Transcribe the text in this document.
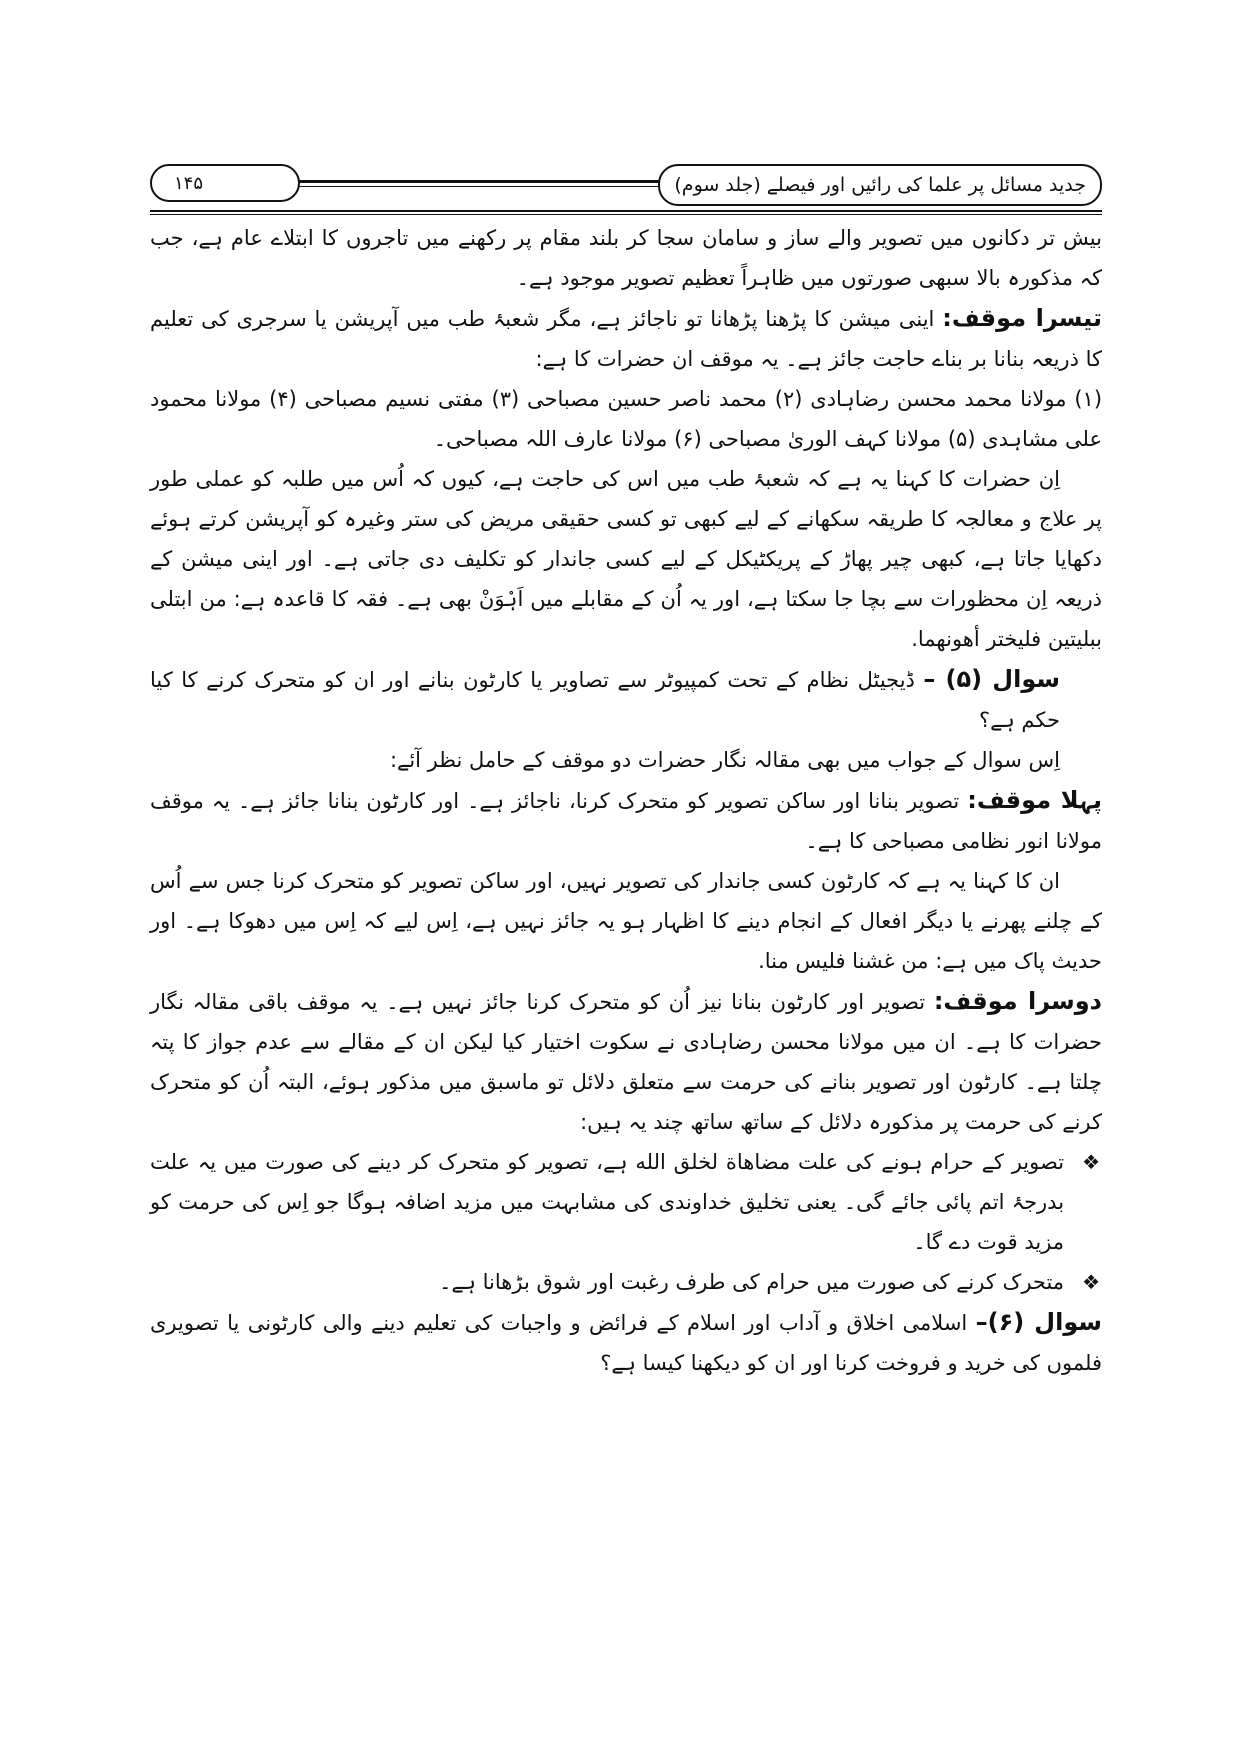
جدید مسائل پر علما کی رائیں اور فیصلے (جلد سوم)
۱۴۵

بیش تر دکانوں میں تصویر والے ساز و سامان سجا کر بلند مقام پر رکھنے میں تاجروں کا ابتلاے عام ہے، جب کہ مذکورہ بالا سبھی صورتوں میں ظاہراً تعظیم تصویر موجود ہے۔

تیسرا موقف: اینی میشن کا پڑھنا پڑھانا تو ناجائز ہے، مگر شعبۂ طب میں آپریشن یا سرجری کی تعلیم کا ذریعہ بنانا بر بناے حاجت جائز ہے۔ یہ موقف ان حضرات کا ہے:

(۱) مولانا محمد محسن رضاہادی (۲) محمد ناصر حسین مصباحی (۳) مفتی نسیم مصباحی (۴) مولانا محمود علی مشاہدی (۵) مولانا کہف الوریٰ مصباحی (۶) مولانا عارف اللہ مصباحی۔

اِن حضرات کا کہنا یہ ہے کہ شعبۂ طب میں اس کی حاجت ہے، کیوں کہ اُس میں طلبہ کو عملی طور پر علاج و معالجہ کا طریقہ سکھانے کے لیے کبھی تو کسی حقیقی مریض کی ستر وغیرہ کو آپریشن کرتے ہوئے دکھایا جاتا ہے، کبھی چیر پھاڑ کے پریکٹیکل کے لیے کسی جاندار کو تکلیف دی جاتی ہے۔ اور اینی میشن کے ذریعہ اِن محظورات سے بچا جا سکتا ہے، اور یہ اُن کے مقابلے میں اَہْوَنْ بھی ہے۔ فقہ کا قاعدہ ہے: من ابتلی ببلیتین فلیختر أهونهما.

سوال (۵) – ڈیجیٹل نظام کے تحت کمپیوٹر سے تصاویر یا کارٹون بنانے اور ان کو متحرک کرنے کا کیا حکم ہے؟

اِس سوال کے جواب میں بھی مقالہ نگار حضرات دو موقف کے حامل نظر آئے:

پہلا موقف: تصویر بنانا اور ساکن تصویر کو متحرک کرنا، ناجائز ہے۔ اور کارٹون بنانا جائز ہے۔ یہ موقف مولانا انور نظامی مصباحی کا ہے۔

ان کا کہنا یہ ہے کہ کارٹون کسی جاندار کی تصویر نہیں، اور ساکن تصویر کو متحرک کرنا جس سے اُس کے چلنے پھرنے یا دیگر افعال کے انجام دینے کا اظہار ہو یہ جائز نہیں ہے، اِس لیے کہ اِس میں دھوکا ہے۔ اور حدیث پاک میں ہے: من غشنا فلیس منا.

دوسرا موقف: تصویر اور کارٹون بنانا نیز اُن کو متحرک کرنا جائز نہیں ہے۔ یہ موقف باقی مقالہ نگار حضرات کا ہے۔ ان میں مولانا محسن رضاہادی نے سکوت اختیار کیا لیکن ان کے مقالے سے عدم جواز کا پتہ چلتا ہے۔ کارٹون اور تصویر بنانے کی حرمت سے متعلق دلائل تو ماسبق میں مذکور ہوئے، البتہ اُن کو متحرک کرنے کی حرمت پر مذکورہ دلائل کے ساتھ ساتھ چند یہ ہیں:

❖
تصویر کے حرام ہونے کی علت مضاهاة لخلق الله ہے، تصویر کو متحرک کر دینے کی صورت میں یہ علت بدرجۂ اتم پائی جائے گی۔ یعنی تخلیق خداوندی کی مشابہت میں مزید اضافہ ہوگا جو اِس کی حرمت کو مزید قوت دے گا۔
❖
متحرک کرنے کی صورت میں حرام کی طرف رغبت اور شوق بڑھانا ہے۔

سوال (۶)– اسلامی اخلاق و آداب اور اسلام کے فرائض و واجبات کی تعلیم دینے والی کارٹونی یا تصویری فلموں کی خرید و فروخت کرنا اور ان کو دیکھنا کیسا ہے؟
